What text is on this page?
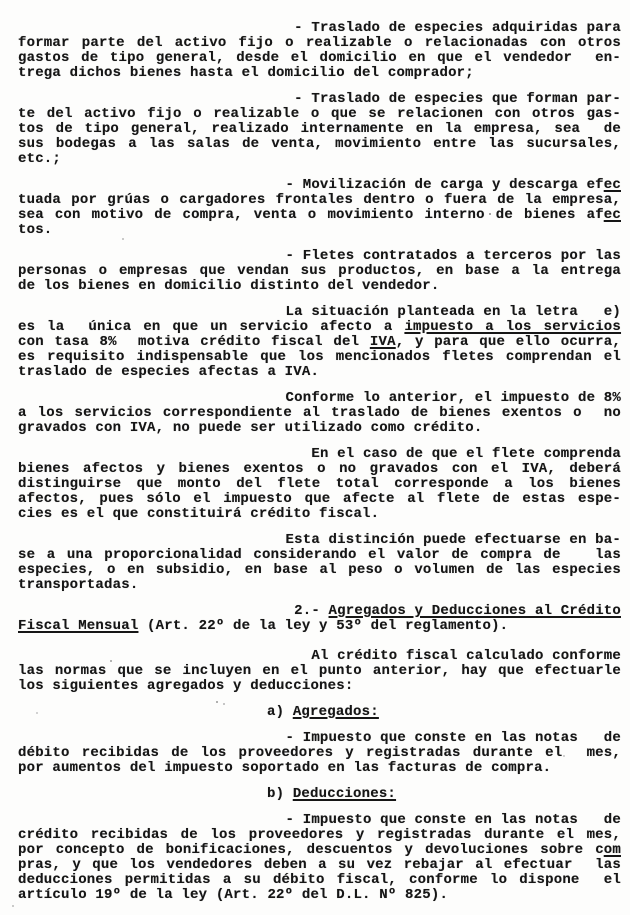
- Traslado de especies adquiridas para
formar parte del activo fijo o realizable o relacionadas con otros
gastos de tipo general, desde el domicilio en que el vendedor  en-
trega dichos bienes hasta el domicilio del comprador;
- Traslado de especies que forman par-
te del activo fijo o realizable o que se relacionen con otros gas-
tos de tipo general, realizado internamente en la empresa, sea  de
sus bodegas a las salas de venta, movimiento entre las sucursales,
etc.;
- Movilización de carga y descarga efec
tuada por grúas o cargadores frontales dentro o fuera de la empresa,
sea con motivo de compra, venta o movimiento interno de bienes afec
tos.
- Fletes contratados a terceros por las
personas o empresas que vendan sus productos, en base a la entrega
de los bienes en domicilio distinto del vendedor.
La situación planteada en la letra   e)
es la  única en que un servicio afecto a impuesto a los servicios
con tasa 8%  motiva crédito fiscal del IVA, y para que ello ocurra,
es requisito indispensable que los mencionados fletes comprendan el
traslado de especies afectas a IVA.
Conforme lo anterior, el impuesto de 8%
a los servicios correspondiente al traslado de bienes exentos o  no
gravados con IVA, no puede ser utilizado como crédito.
En el caso de que el flete comprenda
bienes afectos y bienes exentos o no gravados con el IVA, deberá
distinguirse que monto del flete total corresponde a los bienes
afectos, pues sólo el impuesto que afecte al flete de estas espe-
cies es el que constituirá crédito fiscal.
Esta distinción puede efectuarse en ba-
se a una proporcionalidad considerando el valor de compra de   las
especies, o en subsidio, en base al peso o volumen de las especies
transportadas.
2.- Agregados y Deducciones al Crédito
Fiscal Mensual (Art. 22º de la ley y 53º del reglamento).
Al crédito fiscal calculado conforme
las normas que se incluyen en el punto anterior, hay que efectuarle
los siguientes agregados y deducciones:
a) Agregados:
- Impuesto que conste en las notas   de
débito recibidas de los proveedores y registradas durante el  mes,
por aumentos del impuesto soportado en las facturas de compra.
b) Deducciones:
- Impuesto que conste en las notas   de
crédito recibidas de los proveedores y registradas durante el mes,
por concepto de bonificaciones, descuentos y devoluciones sobre com
pras, y que los vendedores deben a su vez rebajar al efectuar  las
deducciones permitidas a su débito fiscal, conforme lo dispone  el
artículo 19º de la ley (Art. 22º del D.L. Nº 825).
